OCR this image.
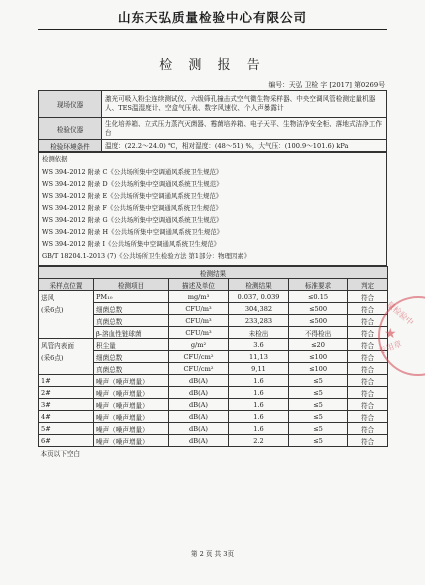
山东天弘质量检验中心有限公司
检 测 报 告
编号：天弘 卫检 字 [2017] 第0269号
现场仪器	激光可吸入粉尘连续测试仪、六级筛孔撞击式空气微生物采样器、中央空调风管检测定量机器人、TES温湿度计、空盒气压表、数字风速仪、个人声暴露计
检验仪器	生化培养箱、立式压力蒸汽灭菌器、霉菌培养箱、电子天平、生物洁净安全柜、落地式洁净工作台
检验环境条件	温度：(22.2～24.0) ℃，相对湿度：(48～51) %，大气压：(100.9～101.6) kPa
检测依据
WS 394-2012 附录 C《公共场所集中空调通风系统卫生规范》
WS 394-2012 附录 D《公共场所集中空调通风系统卫生规范》
WS 394-2012 附录 E《公共场所集中空调通风系统卫生规范》
WS 394-2012 附录 F《公共场所集中空调通风系统卫生规范》
WS 394-2012 附录 G《公共场所集中空调通风系统卫生规范》
WS 394-2012 附录 H《公共场所集中空调通风系统卫生规范》
WS 394-2012 附录 I《公共场所集中空调通风系统卫生规范》
GB/T 18204.1-2013 (7)《公共场所卫生检验方法 第1部分：物理因素》
检测结果					
采样点位置	检测项目	描述及单位	检测结果	标准要求	判定
送风	PM₁₀	mg/m³	0.037, 0.039	≤0.15	符合
(采6点)	细菌总数	CFU/m³	304,382	≤500	符合
	真菌总数	CFU/m³	233,283	≤500	符合
	β-溶血性链球菌	CFU/m³	未检出	不得检出	符合
风管内表面	积尘量	g/m²	3.6	≤20	符合
(采6点)	细菌总数	CFU/cm²	11,13	≤100	符合
	真菌总数	CFU/cm²	9,11	≤100	符合
1#	噪声（噪声增量）	dB(A)	1.6	≤5	符合
2#	噪声（噪声增量）	dB(A)	1.6	≤5	符合
3#	噪声（噪声增量）	dB(A)	1.6	≤5	符合
4#	噪声（噪声增量）	dB(A)	1.6	≤5	符合
5#	噪声（噪声增量）	dB(A)	1.6	≤5	符合
6#	噪声（噪声增量）	dB(A)	2.2	≤5	符合
本页以下空白					
第 2 页 共 3页
量检验中
专用章
★
